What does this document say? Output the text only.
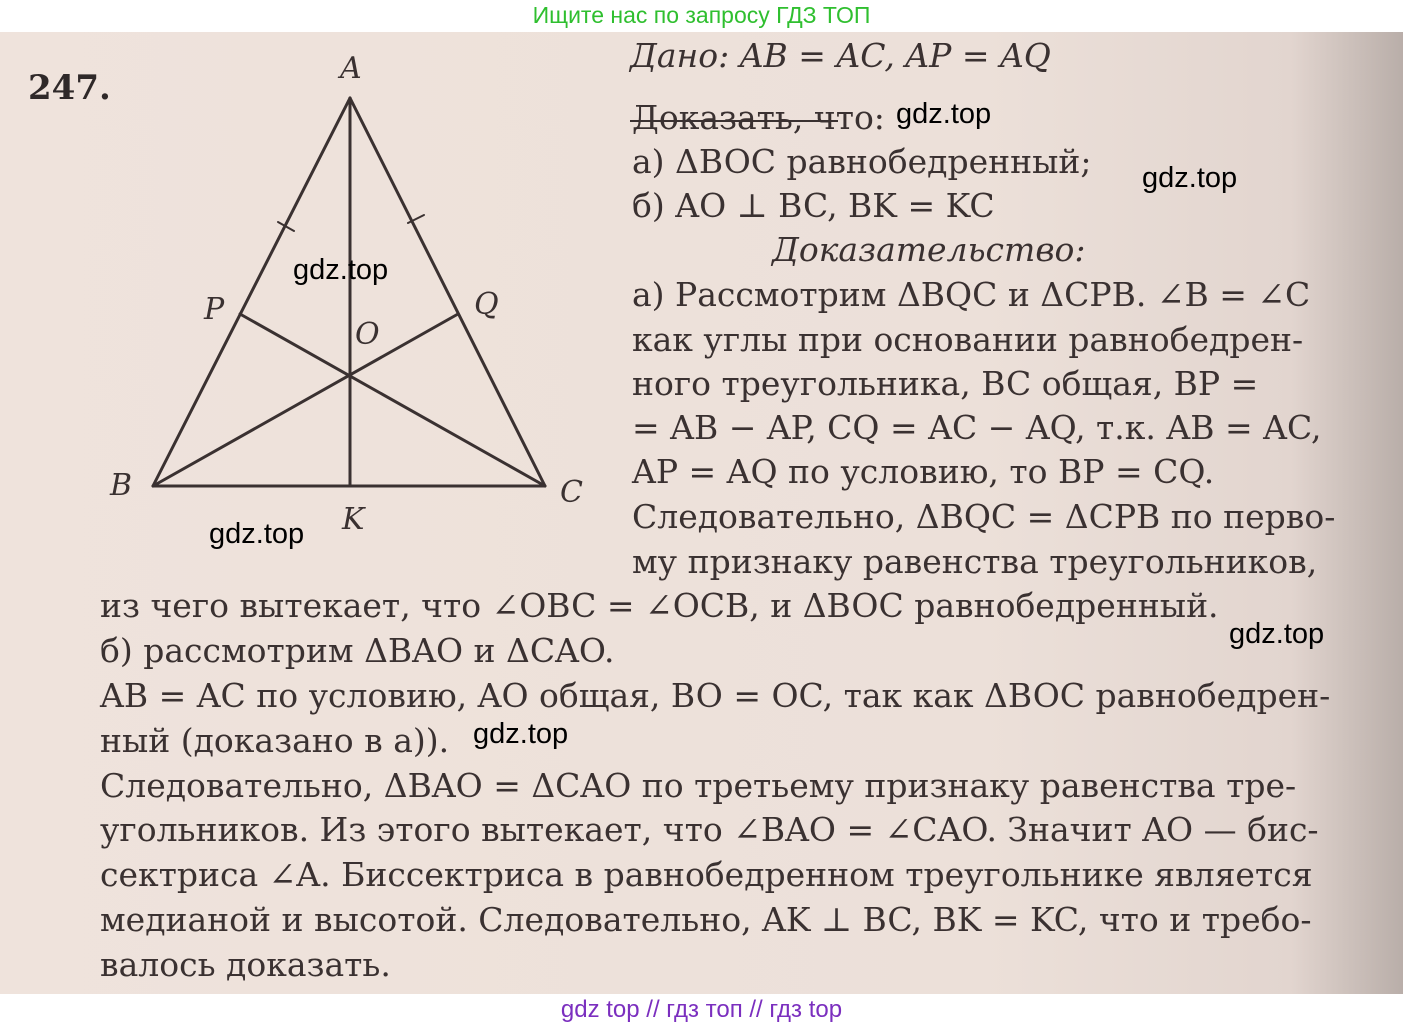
Ищите нас по запросу ГДЗ ТОП
247.	A
B	C
P	Q
O
K
Дано: AB = AC, AP = AQ
Доказать, что:
а) ΔBOC равнобедренный;
б) AO ⊥ BC, BK = KC
Доказательство:
а) Рассмотрим ΔBQC и ΔCPB. ∠B = ∠C
как углы при основании равнобедрен-
ного треугольника, BC общая, BP =
= AB − AP, CQ = AC − AQ, т.к. AB = AC,
AP = AQ по условию, то BP = CQ.
Следовательно, ΔBQC = ΔCPB по перво-
му признаку равенства треугольников,
из чего вытекает, что ∠OBC = ∠OCB, и ΔBOC равнобедренный.
б) рассмотрим ΔBAO и ΔCAO.
AB = AC по условию, AO общая, BO = OC, так как ΔBOC равнобедрен-
ный (доказано в а)).
Следовательно, ΔBAO = ΔCAO по третьему признаку равенства тре-
угольников. Из этого вытекает, что ∠BAO = ∠CAO. Значит AO — бис-
сектриса ∠A. Биссектриса в равнобедренном треугольнике является
медианой и высотой. Следовательно, AK ⊥ BC, BK = KC, что и требо-
валось доказать.
gdz.top
gdz.top
gdz.top
gdz.top
gdz.top
gdz.top
gdz top // гдз топ // гдз top
